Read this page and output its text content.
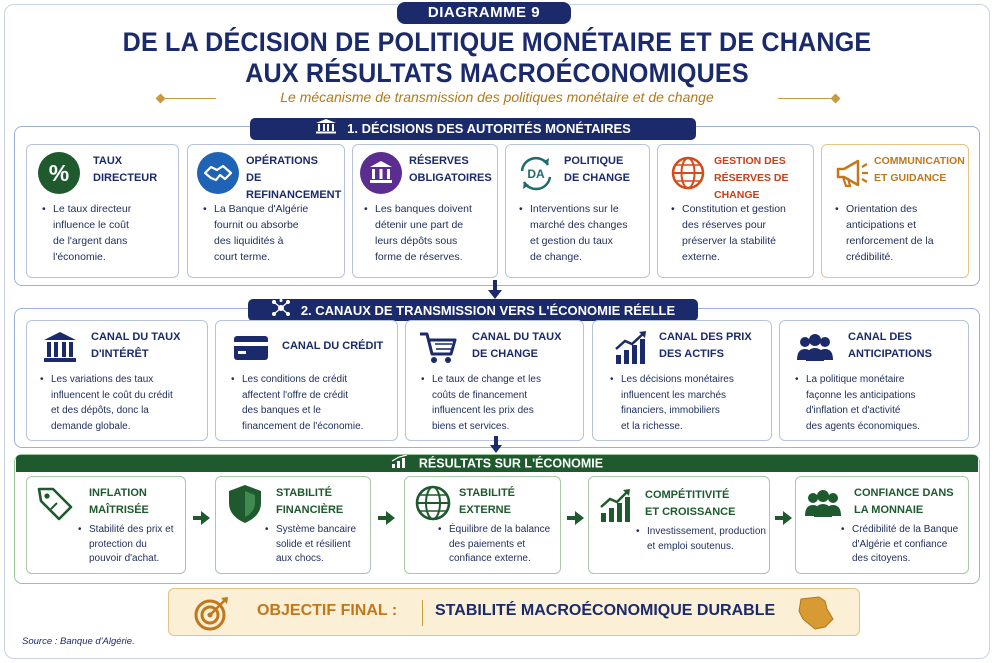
DIAGRAMME 9
DE LA DÉCISION DE POLITIQUE MONÉTAIRE ET DE CHANGE
AUX RÉSULTATS MACROÉCONOMIQUES
Le mécanisme de transmission des politiques monétaire et de change
1. DÉCISIONS DES AUTORITÉS MONÉTAIRES
% TAUX
DIRECTEUR
• Le taux directeur
influence le coût
de l'argent dans
l'économie.
OPÉRATIONS
DE REFINANCEMENT
• La Banque d'Algérie
fournit ou absorbe
des liquidités à
court terme.
RÉSERVES
OBLIGATOIRES
• Les banques doivent
détenir une part de
leurs dépôts sous
forme de réserves.
DA
POLITIQUE
DE CHANGE
• Interventions sur le
marché des changes
et gestion du taux
de change.
GESTION DES
RÉSERVES DE CHANGE
• Constitution et gestion
des réserves pour
préserver la stabilité
externe.
COMMUNICATION
ET GUIDANCE
• Orientation des
anticipations et
renforcement de la
crédibilité.
2. CANAUX DE TRANSMISSION VERS L'ÉCONOMIE RÉELLE
CANAL DU TAUX
D'INTÉRÊT
• Les variations des taux
influencent le coût du crédit
et des dépôts, donc la
demande globale.
CANAL DU CRÉDIT
• Les conditions de crédit
affectent l'offre de crédit
des banques et le
financement de l'économie.
CANAL DU TAUX
DE CHANGE
• Le taux de change et les
coûts de financement
influencent les prix des
biens et services.
CANAL DES PRIX
DES ACTIFS
• Les décisions monétaires
influencent les marchés
financiers, immobiliers
et la richesse.
CANAL DES
ANTICIPATIONS
• La politique monétaire
façonne les anticipations
d'inflation et d'activité
des agents économiques.
RÉSULTATS SUR L'ÉCONOMIE
INFLATION
MAÎTRISÉE
• Stabilité des prix et
protection du
pouvoir d'achat.
STABILITÉ
FINANCIÈRE
• Système bancaire
solide et résilient
aux chocs.
STABILITÉ
EXTERNE
• Équilibre de la balance
des paiements et
confiance externe.
COMPÉTITIVITÉ
ET CROISSANCE
• Investissement, production
et emploi soutenus.
CONFIANCE DANS
LA MONNAIE
• Crédibilité de la Banque
d'Algérie et confiance
des citoyens.
OBJECTIF FINAL : STABILITÉ MACROÉCONOMIQUE DURABLE
Source : Banque d'Algérie.
